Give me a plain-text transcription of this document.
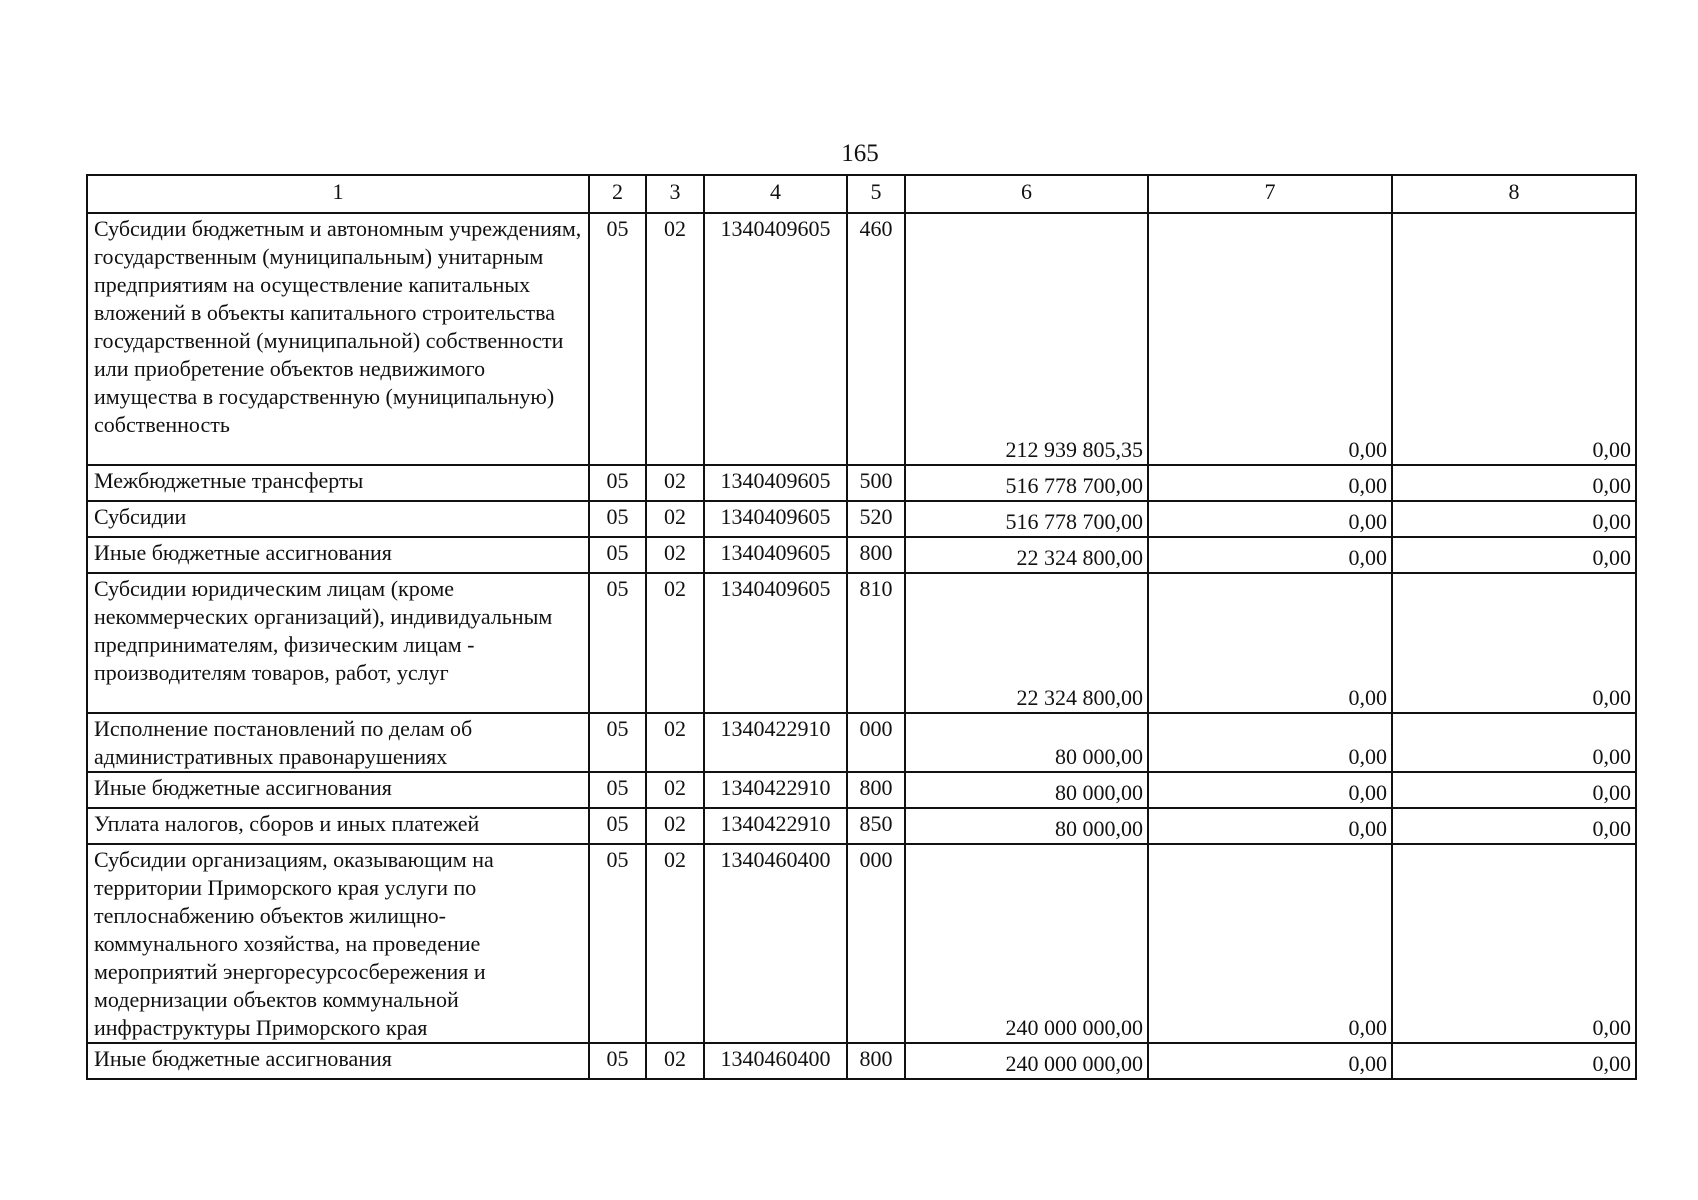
165
1	2	3	4	5	6	7	8
Субсидии бюджетным и автономным учреждениям, государственным (муниципальным) унитарным предприятиям на осуществление капитальных вложений в объекты капитального строительства государственной (муниципальной) собственности или приобретение объектов недвижимого имущества в государственную (муниципальную) собственность	05	02	1340409605	460	212 939 805,35	0,00	0,00
Межбюджетные трансферты	05	02	1340409605	500	516 778 700,00	0,00	0,00
Субсидии	05	02	1340409605	520	516 778 700,00	0,00	0,00
Иные бюджетные ассигнования	05	02	1340409605	800	22 324 800,00	0,00	0,00
Субсидии юридическим лицам (кроме некоммерческих организаций), индивидуальным предпринимателям, физическим лицам - производителям товаров, работ, услуг	05	02	1340409605	810	22 324 800,00	0,00	0,00
Исполнение постановлений по делам об административных правонарушениях	05	02	1340422910	000	80 000,00	0,00	0,00
Иные бюджетные ассигнования	05	02	1340422910	800	80 000,00	0,00	0,00
Уплата налогов, сборов и иных платежей	05	02	1340422910	850	80 000,00	0,00	0,00
Субсидии организациям, оказывающим на территории Приморского края услуги по теплоснабжению объектов жилищно-коммунального хозяйства, на проведение мероприятий энергоресурсосбережения и модернизации объектов коммунальной инфраструктуры Приморского края	05	02	1340460400	000	240 000 000,00	0,00	0,00
Иные бюджетные ассигнования	05	02	1340460400	800	240 000 000,00	0,00	0,00
